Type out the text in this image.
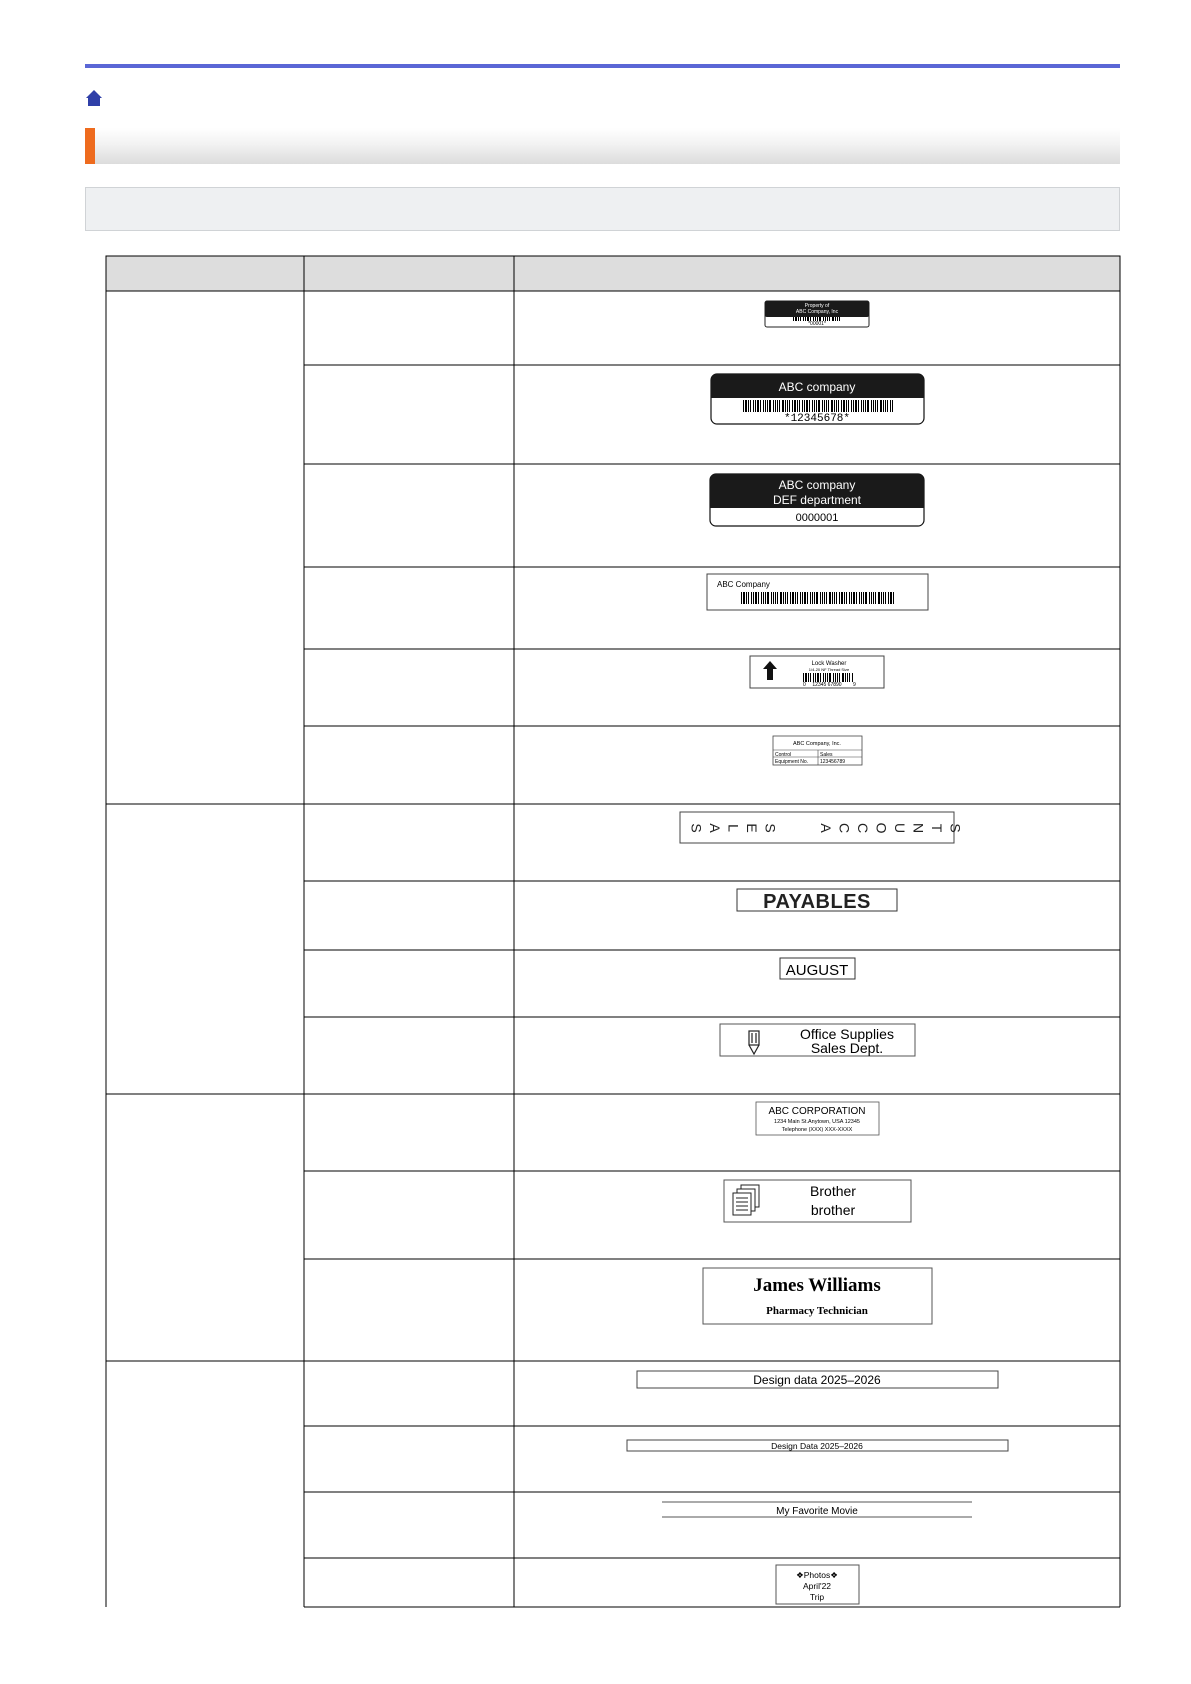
Property of
ABC Company, Inc
*00001*
ABC company
*12345678*
ABC company
DEF department
0000001
ABC Company
Lock Washer
1/4-20 NF Thread Size
0 12345 67890 9
ABC Company, Inc.
Control	Sales
Equipment No. 123456789
S A L E S	A C C O U N T S
PAYABLES
AUGUST
Office Supplies
Sales Dept.
ABC CORPORATION
1234 Main St.Anytown, USA 12345
Telephone (XXX) XXX-XXXX
Brother
brother
James Williams
Pharmacy Technician
Design data 2025–2026
Design Data 2025–2026
My Favorite Movie
❖Photos❖
April'22
Trip
